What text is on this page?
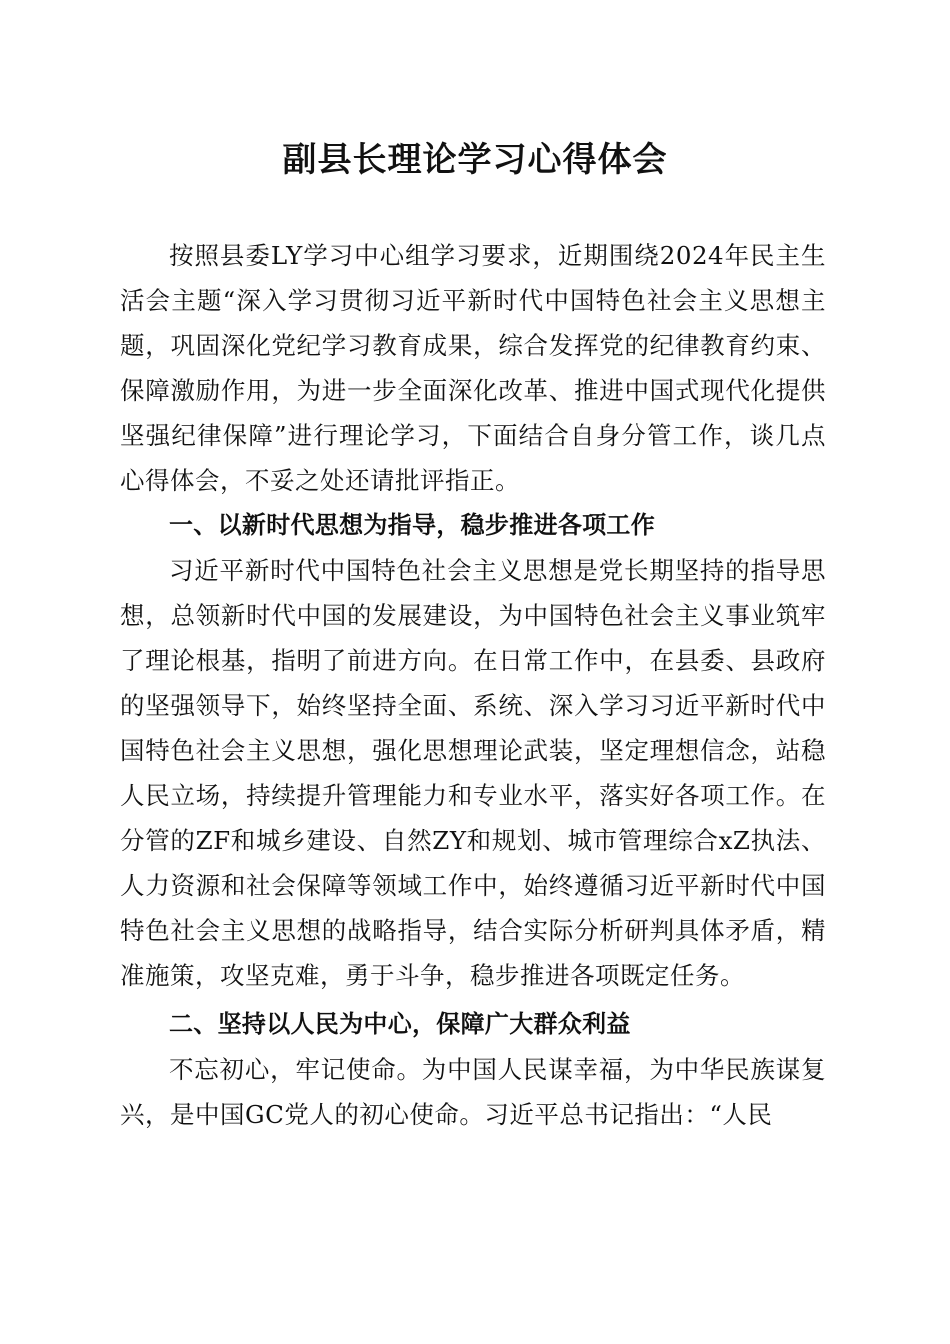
副县长理论学习心得体会

按照县委LY学习中心组学习要求，近期围绕2024年民主生活会主题“深入学习贯彻习近平新时代中国特色社会主义思想主题，巩固深化党纪学习教育成果，综合发挥党的纪律教育约束、保障激励作用，为进一步全面深化改革、推进中国式现代化提供坚强纪律保障”进行理论学习，下面结合自身分管工作，谈几点心得体会，不妥之处还请批评指正。

一、以新时代思想为指导，稳步推进各项工作

习近平新时代中国特色社会主义思想是党长期坚持的指导思想，总领新时代中国的发展建设，为中国特色社会主义事业筑牢了理论根基，指明了前进方向。在日常工作中，在县委、县政府的坚强领导下，始终坚持全面、系统、深入学习习近平新时代中国特色社会主义思想，强化思想理论武装，坚定理想信念，站稳人民立场，持续提升管理能力和专业水平，落实好各项工作。在分管的ZF和城乡建设、自然ZY和规划、城市管理综合xZ执法、人力资源和社会保障等领域工作中，始终遵循习近平新时代中国特色社会主义思想的战略指导，结合实际分析研判具体矛盾，精准施策，攻坚克难，勇于斗争，稳步推进各项既定任务。

二、坚持以人民为中心，保障广大群众利益

不忘初心，牢记使命。为中国人民谋幸福，为中华民族谋复兴，是中国GC党人的初心使命。习近平总书记指出：“人民
